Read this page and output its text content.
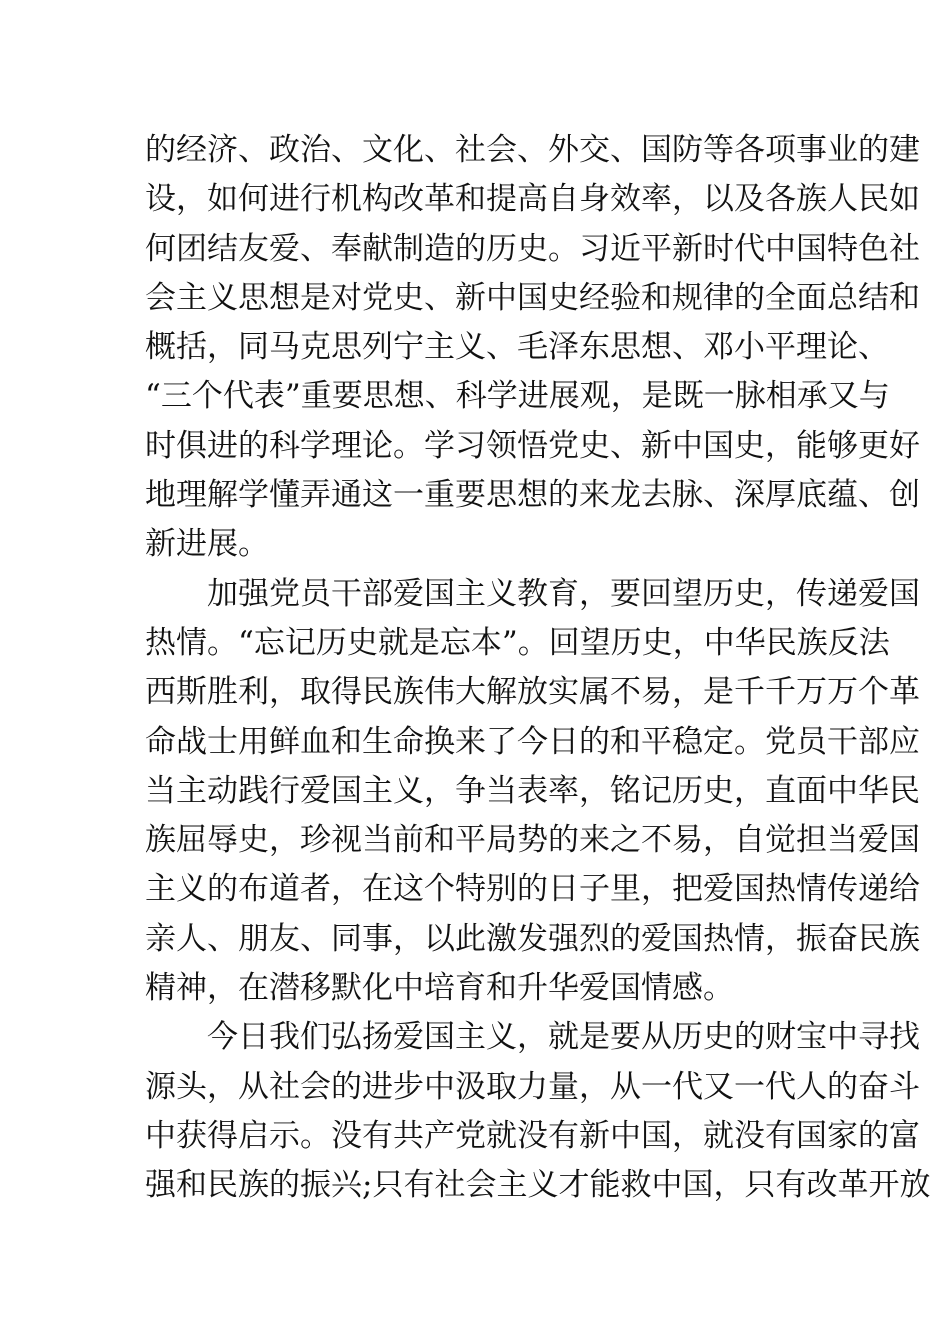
的经济、政治、文化、社会、外交、国防等各项事业的建
设，如何进行机构改革和提高自身效率，以及各族人民如
何团结友爱、奉献制造的历史。习近平新时代中国特色社
会主义思想是对党史、新中国史经验和规律的全面总结和
概括，同马克思列宁主义、毛泽东思想、邓小平理论、
“三个代表”重要思想、科学进展观，是既一脉相承又与
时俱进的科学理论。学习领悟党史、新中国史，能够更好
地理解学懂弄通这一重要思想的来龙去脉、深厚底蕴、创
新进展。
加强党员干部爱国主义教育，要回望历史，传递爱国
热情。“忘记历史就是忘本”。回望历史，中华民族反法
西斯胜利，取得民族伟大解放实属不易，是千千万万个革
命战士用鲜血和生命换来了今日的和平稳定。党员干部应
当主动践行爱国主义，争当表率，铭记历史，直面中华民
族屈辱史，珍视当前和平局势的来之不易，自觉担当爱国
主义的布道者，在这个特别的日子里，把爱国热情传递给
亲人、朋友、同事，以此激发强烈的爱国热情，振奋民族
精神，在潜移默化中培育和升华爱国情感。
今日我们弘扬爱国主义，就是要从历史的财宝中寻找
源头，从社会的进步中汲取力量，从一代又一代人的奋斗
中获得启示。没有共产党就没有新中国，就没有国家的富
强和民族的振兴;只有社会主义才能救中国，只有改革开放
